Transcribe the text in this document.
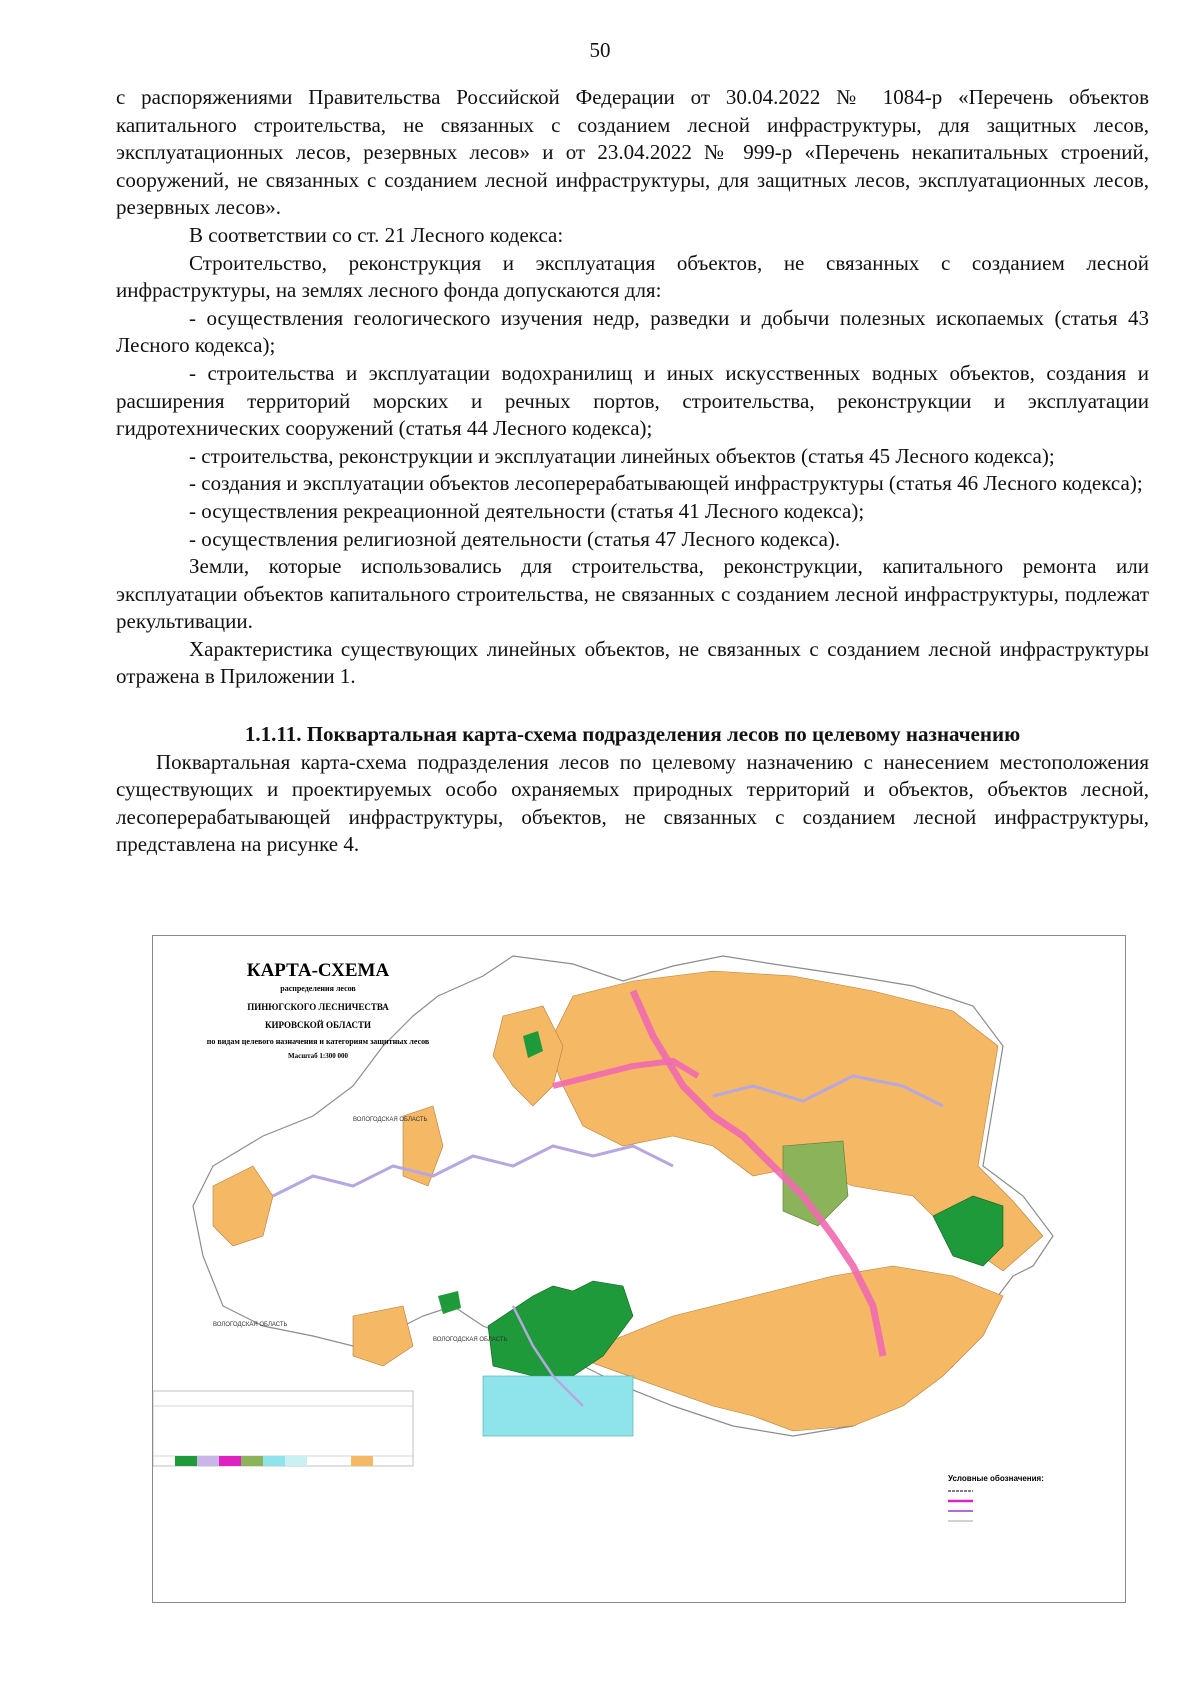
50

с распоряжениями Правительства Российской Федерации от 30.04.2022 № 1084-р «Перечень объектов капитального строительства, не связанных с созданием лесной инфраструктуры, для защитных лесов, эксплуатационных лесов, резервных лесов» и от 23.04.2022 № 999-р «Перечень некапитальных строений, сооружений, не связанных с созданием лесной инфраструктуры, для защитных лесов, эксплуатационных лесов, резервных лесов».

В соответствии со ст. 21 Лесного кодекса:

Строительство, реконструкция и эксплуатация объектов, не связанных с созданием лесной инфраструктуры, на землях лесного фонда допускаются для:

- осуществления геологического изучения недр, разведки и добычи полезных ископаемых (статья 43 Лесного кодекса);

- строительства и эксплуатации водохранилищ и иных искусственных водных объектов, создания и расширения территорий морских и речных портов, строительства, реконструкции и эксплуатации гидротехнических сооружений (статья 44 Лесного кодекса);

- строительства, реконструкции и эксплуатации линейных объектов (статья 45 Лесного кодекса);

- создания и эксплуатации объектов лесоперерабатывающей инфраструктуры (статья 46 Лесного кодекса);

- осуществления рекреационной деятельности (статья 41 Лесного кодекса);

- осуществления религиозной деятельности (статья 47 Лесного кодекса).

Земли, которые использовались для строительства, реконструкции, капитального ремонта или эксплуатации объектов капитального строительства, не связанных с созданием лесной инфраструктуры, подлежат рекультивации.

Характеристика существующих линейных объектов, не связанных с созданием лесной инфраструктуры отражена в Приложении 1.

1.1.11. Поквартальная карта-схема подразделения лесов по целевому назначению

Поквартальная карта-схема подразделения лесов по целевому назначению с нанесением местоположения существующих и проектируемых особо охраняемых природных территорий и объектов, объектов лесной, лесоперерабатывающей инфраструктуры, объектов, не связанных с созданием лесной инфраструктуры, представлена на рисунке 4.

КАРТА-СХЕМА
распределения лесов
ПИНЮГСКОГО ЛЕСНИЧЕСТВА
КИРОВСКОЙ ОБЛАСТИ
по видам целевого назначения и категориям защитных лесов
Масштаб 1:300 000
ВОЛОГОДСКАЯ ОБЛАСТЬ
ВОЛОГОДСКАЯ ОБЛАСТЬ
ВОЛОГОДСКАЯ ОБЛАСТЬ
Условные обозначения:
